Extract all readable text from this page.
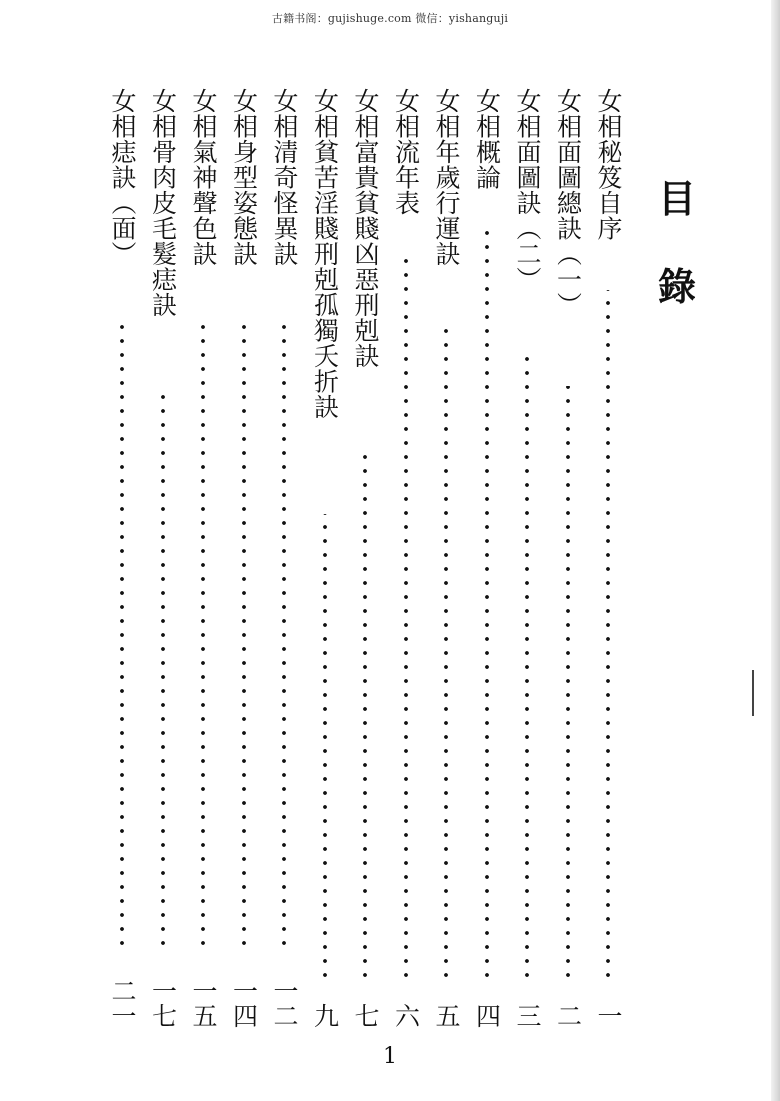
古籍书阁：gujishuge.com 微信：yishanguji
目
錄
女相秘笈自序
一
女相面圖總訣（一）
二
女相面圖訣（二）
三
女相概論
四
女相年歲行運訣
五
女相流年表
六
女相富貴貧賤凶惡刑剋訣
七
女相貧苦淫賤刑剋孤獨夭折訣
九
女相清奇怪異訣
一二
女相身型姿態訣
一四
女相氣神聲色訣
一五
女相骨肉皮毛髮痣訣
一七
女相痣訣（面）
二一
1
